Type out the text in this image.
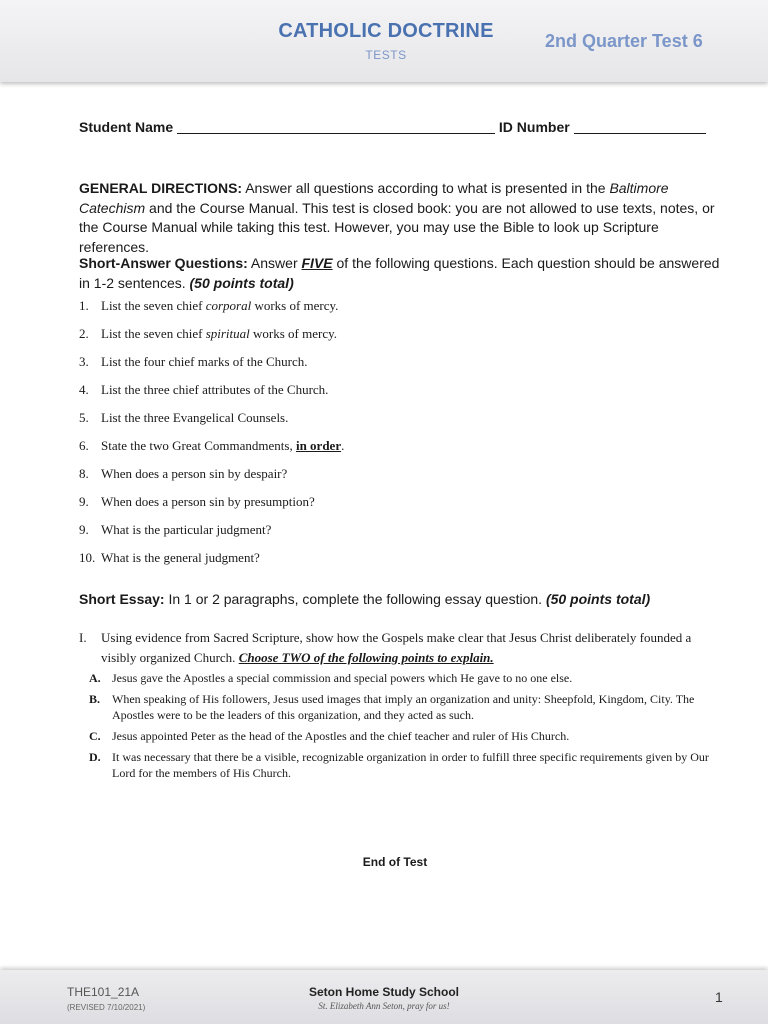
CATHOLIC DOCTRINE
TESTS
2nd Quarter Test 6
Student Name	ID Number
GENERAL DIRECTIONS: Answer all questions according to what is presented in the Baltimore Catechism and the Course Manual. This test is closed book: you are not allowed to use texts, notes, or the Course Manual while taking this test. However, you may use the Bible to look up Scripture references.
Short-Answer Questions: Answer FIVE of the following questions. Each question should be answered in 1-2 sentences. (50 points total)
1. List the seven chief corporal works of mercy.
2. List the seven chief spiritual works of mercy.
3. List the four chief marks of the Church.
4. List the three chief attributes of the Church.
5. List the three Evangelical Counsels.
6. State the two Great Commandments, in order.
8. When does a person sin by despair?
9. When does a person sin by presumption?
9. What is the particular judgment?
10. What is the general judgment?
Short Essay: In 1 or 2 paragraphs, complete the following essay question. (50 points total)
I. Using evidence from Sacred Scripture, show how the Gospels make clear that Jesus Christ deliberately founded a visibly organized Church. Choose TWO of the following points to explain.
A. Jesus gave the Apostles a special commission and special powers which He gave to no one else.
B. When speaking of His followers, Jesus used images that imply an organization and unity: Sheepfold, Kingdom, City. The Apostles were to be the leaders of this organization, and they acted as such.
C. Jesus appointed Peter as the head of the Apostles and the chief teacher and ruler of His Church.
D. It was necessary that there be a visible, recognizable organization in order to fulfill three specific requirements given by Our Lord for the members of His Church.
End of Test
THE101_21A
(REVISED 7/10/2021)
Seton Home Study School
St. Elizabeth Ann Seton, pray for us!
1
